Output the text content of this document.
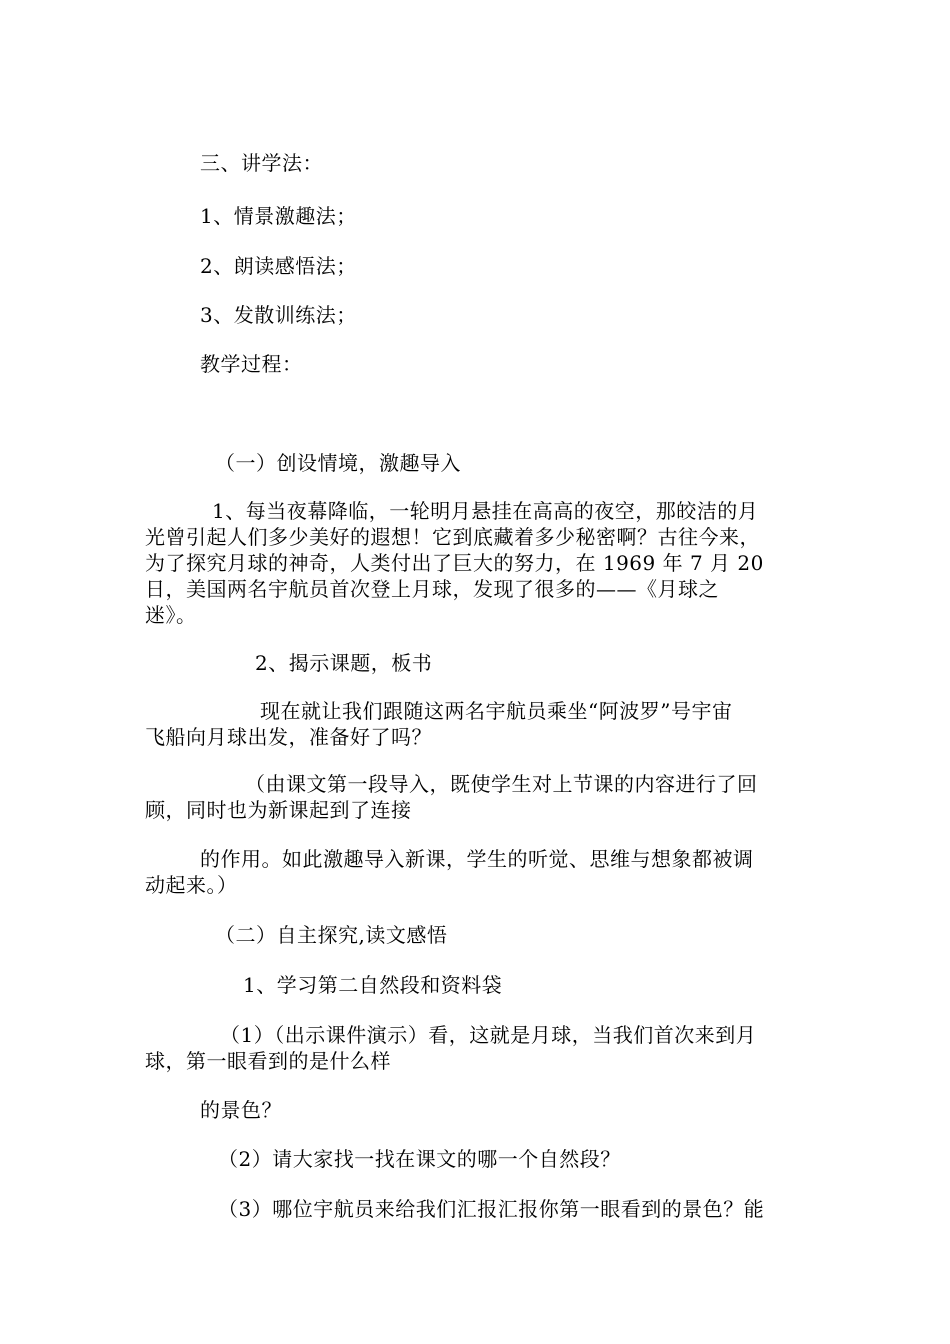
三、讲学法：
1、情景激趣法；
2、朗读感悟法；
3、发散训练法；
教学过程：
（一）创设情境，激趣导入
1、每当夜幕降临，一轮明月悬挂在高高的夜空，那皎洁的月
光曾引起人们多少美好的遐想！它到底藏着多少秘密啊？古往今来，
为了探究月球的神奇，人类付出了巨大的努力，在 1969 年 7 月 20
日，美国两名宇航员首次登上月球，发现了很多的——《月球之
迷》。
2、揭示课题，板书
现在就让我们跟随这两名宇航员乘坐“阿波罗”号宇宙
飞船向月球出发，准备好了吗？
（由课文第一段导入，既使学生对上节课的内容进行了回
顾，同时也为新课起到了连接
的作用。如此激趣导入新课，学生的听觉、思维与想象都被调
动起来。）
（二）自主探究,读文感悟
1、学习第二自然段和资料袋
（1）（出示课件演示）看，这就是月球，当我们首次来到月
球，第一眼看到的是什么样
的景色？
（2）请大家找一找在课文的哪一个自然段？
（3）哪位宇航员来给我们汇报汇报你第一眼看到的景色？能
